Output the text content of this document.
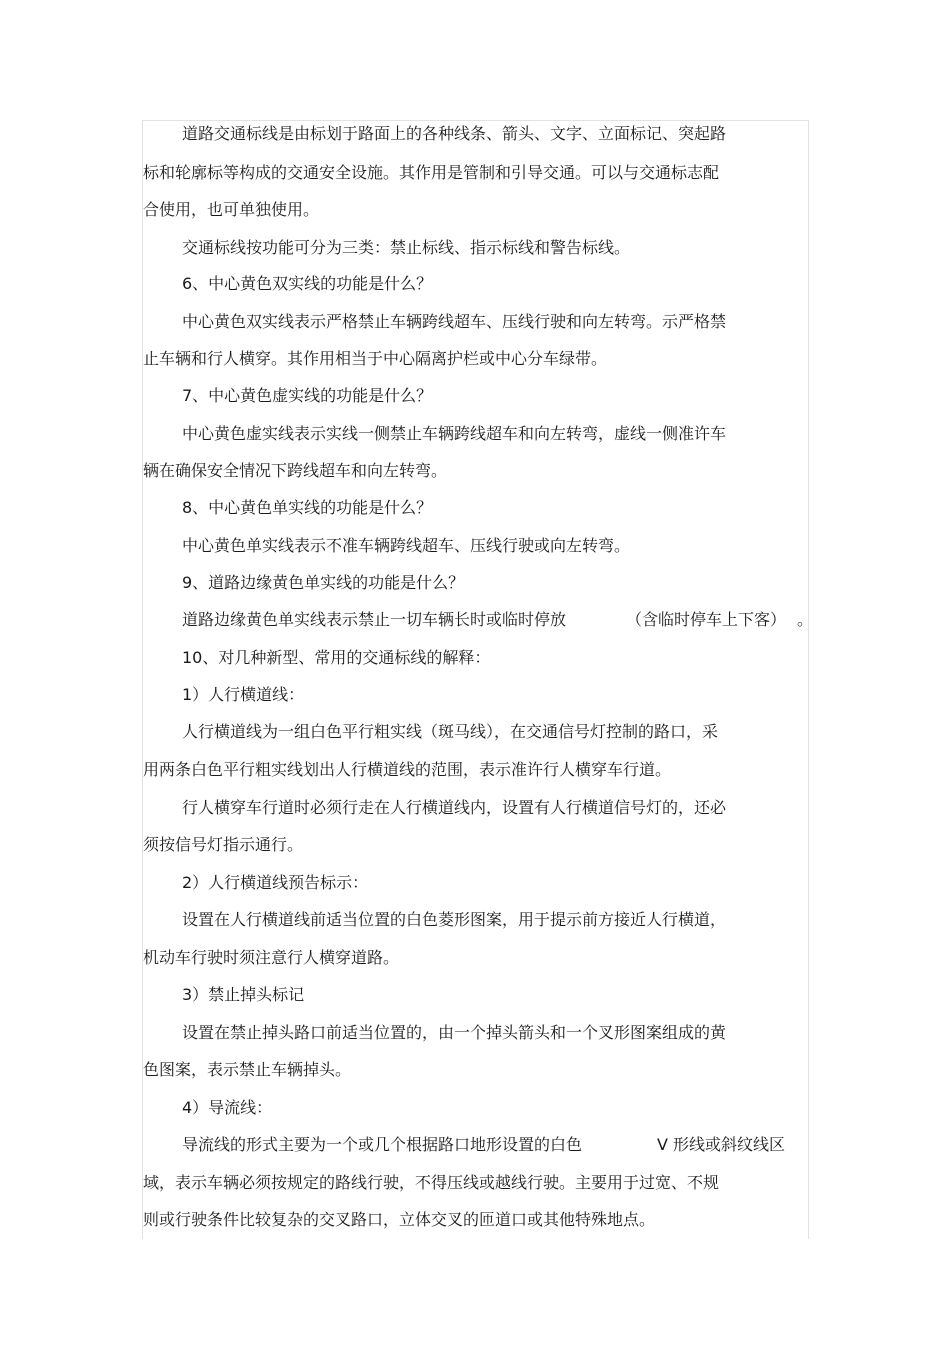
道路交通标线是由标划于路面上的各种线条、箭头、文字、立面标记、突起路
标和轮廓标等构成的交通安全设施。其作用是管制和引导交通。可以与交通标志配
合使用，也可单独使用。
交通标线按功能可分为三类：禁止标线、指示标线和警告标线。
6、中心黄色双实线的功能是什么？
中心黄色双实线表示严格禁止车辆跨线超车、压线行驶和向左转弯。示严格禁
止车辆和行人横穿。其作用相当于中心隔离护栏或中心分车绿带。
7、中心黄色虚实线的功能是什么？
中心黄色虚实线表示实线一侧禁止车辆跨线超车和向左转弯，虚线一侧准许车
辆在确保安全情况下跨线超车和向左转弯。
8、中心黄色单实线的功能是什么？
中心黄色单实线表示不准车辆跨线超车、压线行驶或向左转弯。
9、道路边缘黄色单实线的功能是什么？
道路边缘黄色单实线表示禁止一切车辆长时或临时停放	（含临时停车上下客） 。
10、对几种新型、常用的交通标线的解释：
1）人行横道线：
人行横道线为一组白色平行粗实线（斑马线），在交通信号灯控制的路口，采
用两条白色平行粗实线划出人行横道线的范围，表示准许行人横穿车行道。
行人横穿车行道时必须行走在人行横道线内，设置有人行横道信号灯的，还必
须按信号灯指示通行。
2）人行横道线预告标示：
设置在人行横道线前适当位置的白色菱形图案，用于提示前方接近人行横道，
机动车行驶时须注意行人横穿道路。
3）禁止掉头标记
设置在禁止掉头路口前适当位置的，由一个掉头箭头和一个叉形图案组成的黄
色图案，表示禁止车辆掉头。
4）导流线：
导流线的形式主要为一个或几个根据路口地形设置的白色	V 形线或斜纹线区
域，表示车辆必须按规定的路线行驶，不得压线或越线行驶。主要用于过宽、不规
则或行驶条件比较复杂的交叉路口，立体交叉的匝道口或其他特殊地点。
